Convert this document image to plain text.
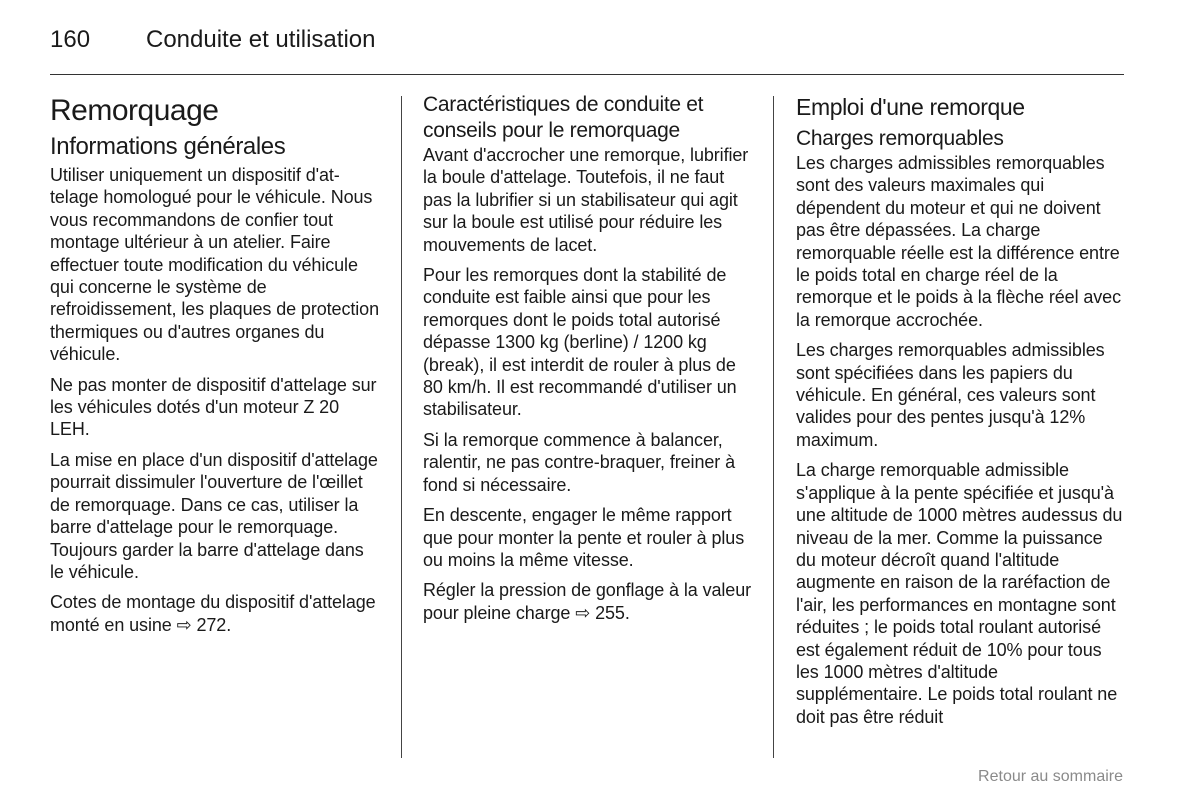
160 Conduite et utilisation
Remorquage
Informations générales

Utiliser uniquement un dispositif d'attelage homologué pour le véhicule. Nous vous recommandons de confier tout montage ultérieur à un atelier. Faire effectuer toute modification du véhicule qui concerne le système de refroidissement, les plaques de protection thermiques ou d'autres organes du véhicule.

Ne pas monter de dispositif d'attelage sur les véhicules dotés d'un moteur Z 20 LEH.

La mise en place d'un dispositif d'attelage pourrait dissimuler l'ouverture de l'œillet de remorquage. Dans ce cas, utiliser la barre d'attelage pour le remorquage. Toujours garder la barre d'attelage dans le véhicule.

Cotes de montage du dispositif d'attelage monté en usine ⇨ 272.

Caractéristiques de conduite et conseils pour le remorquage

Avant d'accrocher une remorque, lubrifier la boule d'attelage. Toutefois, il ne faut pas la lubrifier si un stabilisateur qui agit sur la boule est utilisé pour réduire les mouvements de lacet.

Pour les remorques dont la stabilité de conduite est faible ainsi que pour les remorques dont le poids total autorisé dépasse 1300 kg (berline) / 1200 kg (break), il est interdit de rouler à plus de 80 km/h. Il est recommandé d'utiliser un stabilisateur.

Si la remorque commence à balancer, ralentir, ne pas contre-braquer, freiner à fond si nécessaire.

En descente, engager le même rapport que pour monter la pente et rouler à plus ou moins la même vitesse.

Régler la pression de gonflage à la valeur pour pleine charge ⇨ 255.

Emploi d'une remorque
Charges remorquables

Les charges admissibles remorquables sont des valeurs maximales qui dépendent du moteur et qui ne doivent pas être dépassées. La charge remorquable réelle est la différence entre le poids total en charge réel de la remorque et le poids à la flèche réel avec la remorque accrochée.

Les charges remorquables admissibles sont spécifiées dans les papiers du véhicule. En général, ces valeurs sont valides pour des pentes jusqu'à 12% maximum.

La charge remorquable admissible s'applique à la pente spécifiée et jusqu'à une altitude de 1000 mètres audessus du niveau de la mer. Comme la puissance du moteur décroît quand l'altitude augmente en raison de la raréfaction de l'air, les performances en montagne sont réduites ; le poids total roulant autorisé est également réduit de 10% pour tous les 1000 mètres d'altitude supplémentaire. Le poids total roulant ne doit pas être réduit

Retour au sommaire
